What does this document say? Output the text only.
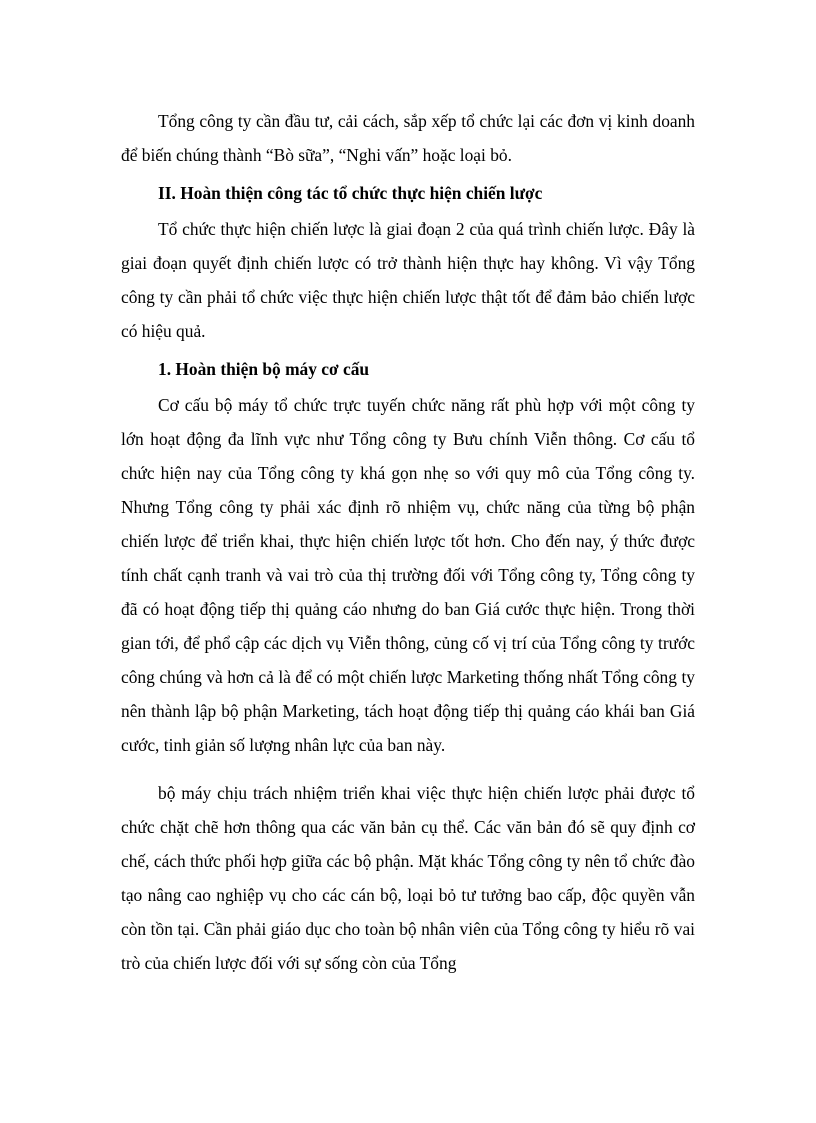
Tổng công ty cần đầu tư, cải cách, sắp xếp tổ chức lại các đơn vị kinh doanh để biến chúng thành “Bò sữa”, “Nghi vấn” hoặc loại bỏ.

II. Hoàn thiện công tác tổ chức thực hiện chiến lược

Tổ chức thực hiện chiến lược là giai đoạn 2 của quá trình chiến lược. Đây là giai đoạn quyết định chiến lược có trở thành hiện thực hay không. Vì vậy Tổng công ty cần phải tổ chức việc thực hiện chiến lược thật tốt để đảm bảo chiến lược có hiệu quả.

1. Hoàn thiện bộ máy cơ cấu

Cơ cấu bộ máy tổ chức trực tuyến chức năng rất phù hợp với một công ty lớn hoạt động đa lĩnh vực như Tổng công ty Bưu chính Viễn thông. Cơ cấu tổ chức hiện nay của Tổng công ty khá gọn nhẹ so với quy mô của Tổng công ty. Nhưng Tổng công ty phải xác định rõ nhiệm vụ, chức năng của từng bộ phận chiến lược để triển khai, thực hiện chiến lược tốt hơn. Cho đến nay, ý thức được tính chất cạnh tranh và vai trò của thị trường đối với Tổng công ty, Tổng công ty đã có hoạt động tiếp thị quảng cáo nhưng do ban Giá cước thực hiện. Trong thời gian tới, để phổ cập các dịch vụ Viễn thông, củng cố vị trí của Tổng công ty trước công chúng và hơn cả là để có một chiến lược Marketing thống nhất Tổng công ty nên thành lập bộ phận Marketing, tách hoạt động tiếp thị quảng cáo khái ban Giá cước, tinh giản số lượng nhân lực của ban này.

bộ máy chịu trách nhiệm triển khai việc thực hiện chiến lược phải được tổ chức chặt chẽ hơn thông qua các văn bản cụ thể. Các văn bản đó sẽ quy định cơ chế, cách thức phối hợp giữa các bộ phận. Mặt khác Tổng công ty nên tổ chức đào tạo nâng cao nghiệp vụ cho các cán bộ, loại bỏ tư tưởng bao cấp, độc quyền vẫn còn tồn tại. Cần phải giáo dục cho toàn bộ nhân viên của Tổng công ty hiểu rõ vai trò của chiến lược đối với sự sống còn của Tổng
